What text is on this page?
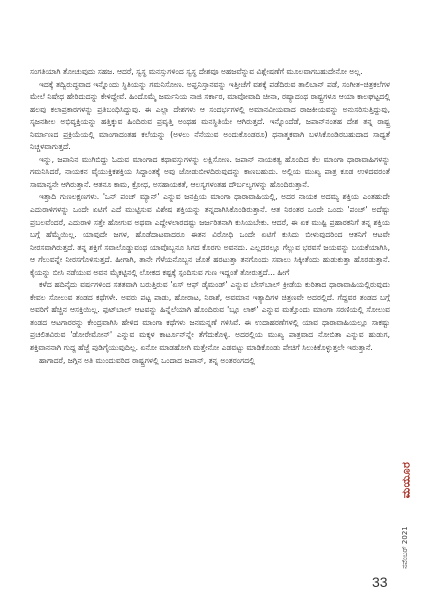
ಸಂಗತಿಯಾಗಿ ತೋಚುವುದು ಸಹಜ. ಆದರೆ, ಸ್ವಸ್ಥ ಮನಸ್ಸುಗಳಿಂದ ಸ್ವಸ್ಥ ದೇಶವೂ ಅಹಜವೆನ್ನುವ ವಿಶ್ಲೇಷಣೆಗೆ ಮೂಲವಾಗಬಹುದೇನೋ ಅಲ್ಲ.

ಇದಕ್ಕೆ ತದ್ವಿರುದ್ಧವಾದ ಇನ್ನೊಂದು ಸ್ಥಿತಿಯನ್ನು ಗಮನಿಸೋಣ. ಅಫ್ಘನಿಸ್ತಾನವನ್ನು ಇತ್ತೀಚೆಗೆ ವಶಕ್ಕೆ ಪಡೆದಿರುವ ತಾಲಿಬಾನ್ ಪಡೆ, ಸಂಗೀತ–ಚಿತ್ರಕಲೆಗಳ ಮೇಲೆ ನಿಷೇಧ ಹೇರಿದುದನ್ನು ಕೇಳಿದ್ದೇವೆ. ಹಿಂದೊಮ್ಮೆ ಜರ್ಮನಿಯ ನಾಜಿ ಸರ್ಕಾರ, ಮಾವೋವಾದಿ ಚೀನಾ, ರಷ್ಯಾದಂಥ ರಾಷ್ಟ್ರಗಳೂ ಆಯಾ ಕಾಲಘಟ್ಟದಲ್ಲಿ ಹಲವು ಕಲಾಪ್ರಕಾರಗಳನ್ನು ಪ್ರತಿಬಂಧಿಸಿದ್ದುವು. ಈ ಎಲ್ಲಾ ದೇಶಗಳು ಆ ಸಂದರ್ಭಗಳಲ್ಲಿ ಅಮಾನವೀಯವಾದ ರಾಜಕೀಯವನ್ನು ಅನುಸರಿಸುತ್ತಿದ್ದುವು, ಸೃಜನಶೀಲ ಅಭಿವ್ಯಕ್ತಿಯನ್ನು ಹತ್ತಿಕ್ಕುವ ಹಿಂದಿರುವ ಪ್ರವೃತ್ತಿ ಅಂಥಹ ಮನಸ್ಥಿತಿಯೇ ಆಗಿರುತ್ತದೆ. ಇನ್ನೊಂದೆಡೆ, ಜಪಾನ್‌ನಂತಹ ದೇಶ ತನ್ನ ರಾಷ್ಟ್ರ ನಿರ್ಮಾಣದ ಪ್ರಕ್ರಿಯೆಯಲ್ಲಿ ಮಾಂಗಾದಂತಹ ಕಲೆಯನ್ನು (ಅಳಲು ನೆನೆಯುವ ಅಂದುಕೊಂಡರೂ) ಧನಾತ್ಮಕವಾಗಿ ಬಳಸಿಕೊಂಡಿರಬಹುದಾದ ಸಾಧ್ಯತೆ ನಿಚ್ಚಳವಾಗುತ್ತದೆ.

ಇನ್ನು, ಜಪಾನಿನ ಮುಗಿಬಿದ್ದು ಓದುವ ಮಾಂಗಾದ ಕಥಾವಸ್ತುಗಳನ್ನು ಲಕ್ಷಿಸೋಣ. ಜಪಾನ್ ನಾಯಕತ್ವ ಹೊಂದಿದ ಕೆಲ ಮಾಂಗಾ ಧಾರಾವಾಹಿಗಳನ್ನು ಗಮನಿಸಿದರೆ, ನಾಯಕನ ವೈಯುಕ್ತಿಕಶಕ್ತಿಯ ಸಿದ್ದಾಂತಕ್ಕೆ ಅವು ಜೋಡುಬೀಳದಿರುವುದನ್ನು ಕಾಣಬಹುದು. ಅಲ್ಲಿಯ ಮುಖ್ಯ ಪಾತ್ರ ಕೂಡ ಉಳಿದವರಂತೆ ಸಾಮಾನ್ಯನೇ ಆಗಿರುತ್ತಾನೆ. ಆತನೂ ಕಾಮ, ಕ್ರೋಧ, ಅಸಹಾಯಕತೆ, ಆಲಸ್ಯಗಳಂತಹ ದೌರ್ಬಲ್ಯಗಳನ್ನು ಹೊಂದಿರುತ್ತಾನೆ.

ಇತ್ತಾದಿ ಗುಣಲಕ್ಷಣಗಳು. 'ಒನ್ ಪಂಚ್ ಮ್ಯಾನ್' ಎನ್ನುವ ಜನಪ್ರಿಯ ಮಾಂಗಾ ಧಾರಾವಾಹಿಯಲ್ಲಿ, ಅದರ ನಾಯಕ ಅದಮ್ಯ ಶಕ್ತಿಯ ಎಂತಹುದೇ ಎದುರಾಳಿಗಳನ್ನು ಒಂದೇ ಏಟಿಗೆ ಎದೆ ಮುಟ್ಟಿಸುವ ವಿಶೇಷ ಶಕ್ತಿಯನ್ನು ತನ್ನದಾಗಿಸಿಕೊಂಡಿರುತ್ತಾನೆ. ಆತ ನಿರಂತರ ಒಂದೇ ಒಂದು 'ಪಂಚ್' ಅದೆಷ್ಟು ಪ್ರಬಲವೆಂದರೆ, ಎದುರಾಳಿ ಸತ್ತೇ ಹೋಗುವ ಅಥವಾ ಎದ್ದೇಳಲಾರದಷ್ಟು ಜರ್ಜರಿತನಾಗಿ ಕುಸಿಯಬೇಕು. ಆದರೆ, ಈ ಏಕ ಮುಷ್ಟಿ ಪ್ರಹಾರಕನಿಗೆ ತನ್ನ ಶಕ್ತಿಯ ಬಗ್ಗೆ ಹೆಮ್ಮೆಯಿಲ್ಲ. ಯಾವುದೇ ಜಗಳ, ಹೊಡೆದಾಟವಾದರೂ ಈತನ ವಿರೋಧಿ ಒಂದೇ ಏಟಿಗೆ ಕುಸಿದು ಬೀಳುವುದರಿಂದ ಆತನಿಗೆ ಆಟವೇ ನೀರಸವಾಗಿರುತ್ತದೆ. ತನ್ನ ಶಕ್ತಿಗೆ ಸವಾಲೊಡ್ಡುವಂಥ ಯಾವೊಬ್ಬನೂ ಸಿಗದ ಕೊರಗು ಅವನದು. ಎಲ್ಲದರಲ್ಲೂ ಗೆಲ್ಲುವ ಭರವಸೆ ಜಯವನ್ನು ಬಯಕೆಯಾಗಿಸಿ, ಆ ಗೆಲುವನ್ನೇ ನೀರಸಗೊಳಿಸುತ್ತದೆ. ಹೀಗಾಗಿ, ತಾನೇ ಗೆಳೆಯನೊಬ್ಬನ ಜೊತೆ ಹರಟುತ್ತಾ ತನಗೊಂದು ಸವಾಲು ಸಿಕ್ಕೀತೆಂದು ಹುಡುಕುತ್ತಾ ಹೊರಡುತ್ತಾನೆ. ಕೈಯನ್ನು ಬೀಸಿ ನಡೆಯುವ ಅವನ ಮೈಕಟ್ಟಿನಲ್ಲಿ ಲೋಕದ ಕಷ್ಟಕ್ಕೆ ಸ್ಪಂದಿಸುವ ಗುಣ ಇದ್ದಂತೆ ತೋರುತ್ತದೆ... ಹೀಗೆ

ಕಳೆದ ಹದಿನೈದು ವರ್ಷಗಳಿಂದ ಸತತವಾಗಿ ಬರುತ್ತಿರುವ 'ಏಸ್ ಆಫ್ ಡೈಮಂಡ್' ಎನ್ನುವ ಬೇಸ್‌ಬಾಲ್ ಕ್ರೀಡೆಯ ಕುರಿತಾದ ಧಾರಾವಾಹಿಯಲ್ಲಿರುವುದು ಕೇವಲ ಸೋಲುವ ತಂಡದ ಕಥೆಗಳೇ. ಅವರು ಪಟ್ಟ ಪಾಡು, ಹೋರಾಟ, ನಿರಾಶೆ, ಅವಮಾನ ಇತ್ಯಾದಿಗಳ ಚಿತ್ರಣವೇ ಅದರಲ್ಲಿದೆ. ಗೆದ್ದವರ ತಂಡದ ಬಗ್ಗೆ ಅವರಿಗೆ ಹೆಚ್ಚಿನ ಆಸಕ್ತಿಯಿಲ್ಲ. ಫುಟ್‌ಬಾಲ್ ಆಟವನ್ನು ಹಿನ್ನೆಲೆಯಾಗಿ ಹೊಂದಿರುವ 'ಬ್ಲೂ ಲಾಕ್' ಎನ್ನುವ ಮತ್ತೊಂದು ಮಾಂಗಾ ಸರಣಿಯಲ್ಲಿ ಸೋಲುವ ತಂಡದ ಆಟಗಾರರನ್ನು ಕೇಂದ್ರವಾಗಿಸಿ ಹೇಳಿದ ಮಾಂಗಾ ಕಥೆಗಳು ಜನಮನ್ನಣೆ ಗಳಿಸಿವೆ. ಈ ಉದಾಹರಣೆಗಳಲ್ಲಿ ಯಾವ ಧಾರಾವಾಹಿಯಲ್ಲೂ ಸಾಕಷ್ಟು ಪ್ರಚಲಿತವಿರುವ 'ಡೋರೇಮೋನ್' ಎನ್ನುವ ಮಕ್ಕಳ ಕಾರ್ಟೂನ್‌ನ್ನೇ ತೆಗೆದುಕೊಳ್ಳಿ. ಅದರಲ್ಲಿಯ ಮುಖ್ಯ ಪಾತ್ರವಾದ ನೋಬಿತಾ ಎನ್ನುವ ಹುಡುಗ, ಶಕ್ತಿವಾನನಾಗಿ ಗುದ್ದ ಹೆಜ್ಜೆ ಪುಡಿಗೈಯುವುದಿಲ್ಲ. ಏನೋ ಮಾಡಹೋಗಿ ಮತ್ತೇನೋ ಎಡವಟ್ಟು ಮಾಡಿಕೊಂಡು ಪೇಚಿಗೆ ಸಿಲುಕಿಕೊಳ್ಳುತ್ತಲೇ ಇರುತ್ತಾನೆ.

ಹಾಗಾದರೆ, ಜಗ್ಗಿನ ಅತಿ ಮುಂದುವರಿದ ರಾಷ್ಟ್ರಗಳಲ್ಲಿ ಒಂದಾದ ಜಪಾನ್, ತನ್ನ ಅಂತರಂಗದಲ್ಲಿ

ಮಯೂರ
ನವೆಂಬರ್ 2021
33
